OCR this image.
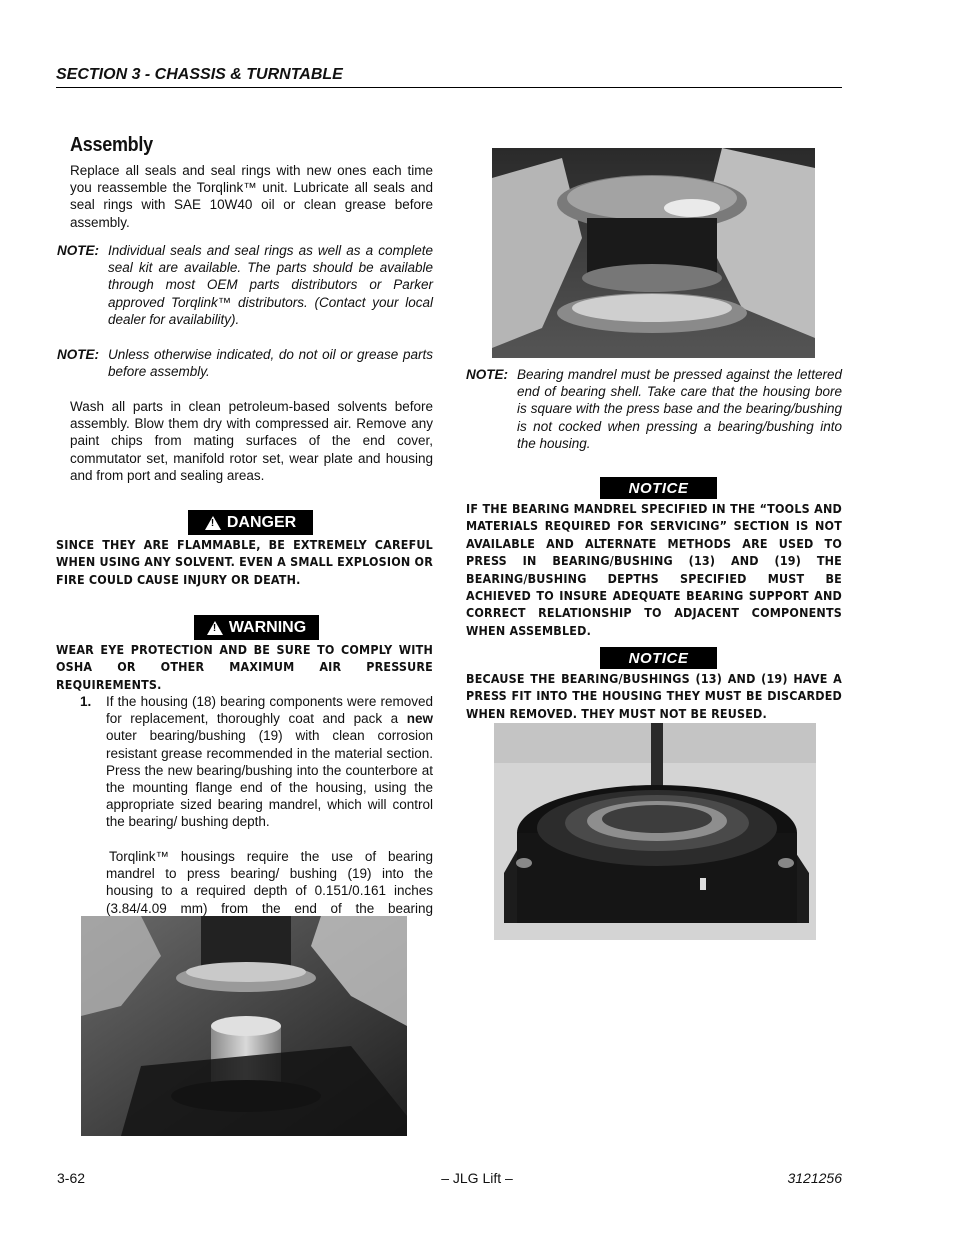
SECTION 3 - CHASSIS & TURNTABLE
Assembly
Replace all seals and seal rings with new ones each time you reassemble the Torqlink™ unit. Lubricate all seals and seal rings with SAE 10W40 oil or clean grease before assembly.
NOTE: Individual seals and seal rings as well as a complete seal kit are available. The parts should be available through most OEM parts distributors or Parker approved Torqlink™ distributors. (Contact your local dealer for availability).
NOTE: Unless otherwise indicated, do not oil or grease parts before assembly.
Wash all parts in clean petroleum-based solvents before assembly. Blow them dry with compressed air. Remove any paint chips from mating surfaces of the end cover, commutator set, manifold rotor set, wear plate and housing and from port and sealing areas.
! DANGER
SINCE THEY ARE FLAMMABLE, BE EXTREMELY CAREFUL WHEN USING ANY SOLVENT. EVEN A SMALL EXPLOSION OR FIRE COULD CAUSE INJURY OR DEATH.
! WARNING
WEAR EYE PROTECTION AND BE SURE TO COMPLY WITH OSHA OR OTHER MAXIMUM AIR PRESSURE REQUIREMENTS.
1. If the housing (18) bearing components were removed for replacement, thoroughly coat and pack a new outer bearing/bushing (19) with clean corrosion resistant grease recommended in the material section. Press the new bearing/bushing into the counterbore at the mounting flange end of the housing, using the appropriate sized bearing mandrel, which will control the bearing/ bushing depth.
Torqlink™ housings require the use of bearing mandrel to press bearing/ bushing (19) into the housing to a required depth of 0.151/0.161 inches (3.84/4.09 mm) from the end of the bearing
NOTE: Bearing mandrel must be pressed against the lettered end of bearing shell. Take care that the housing bore is square with the press base and the bearing/bushing is not cocked when pressing a bearing/bushing into the housing.
NOTICE
IF THE BEARING MANDREL SPECIFIED IN THE “TOOLS AND MATERIALS REQUIRED FOR SERVICING” SECTION IS NOT AVAILABLE AND ALTERNATE METHODS ARE USED TO PRESS IN BEARING/BUSHING (13) AND (19) THE BEARING/BUSHING DEPTHS SPECIFIED MUST BE ACHIEVED TO INSURE ADEQUATE BEARING SUPPORT AND CORRECT RELATIONSHIP TO ADJACENT COMPONENTS WHEN ASSEMBLED.
NOTICE
BECAUSE THE BEARING/BUSHINGS (13) AND (19) HAVE A PRESS FIT INTO THE HOUSING THEY MUST BE DISCARDED WHEN REMOVED. THEY MUST NOT BE REUSED.
3-62	– JLG Lift –	3121256
